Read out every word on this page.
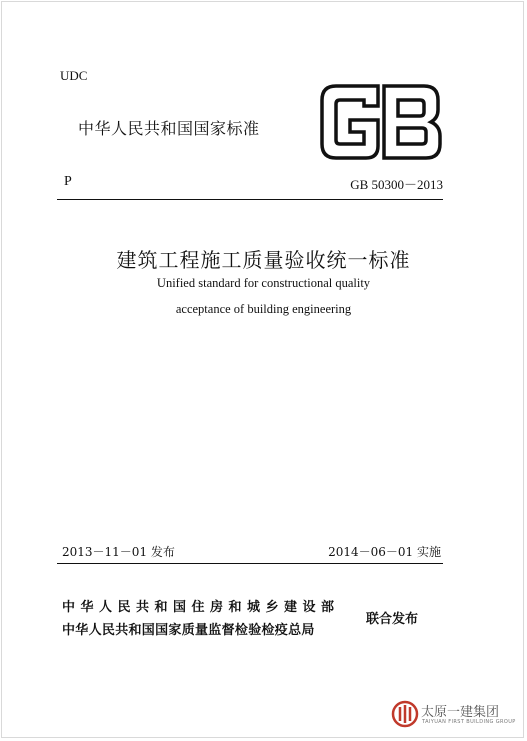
UDC
中华人民共和国国家标准
P	GB 50300－2013
建筑工程施工质量验收统一标准
Unified standard for constructional quality
acceptance of building engineering
2013－11－01 发布	2014－06－01 实施
中华人民共和国住房和城乡建设部
中华人民共和国国家质量监督检验检疫总局
联合发布
太原一建集团
TAIYUAN FIRST BUILDING GROUP
